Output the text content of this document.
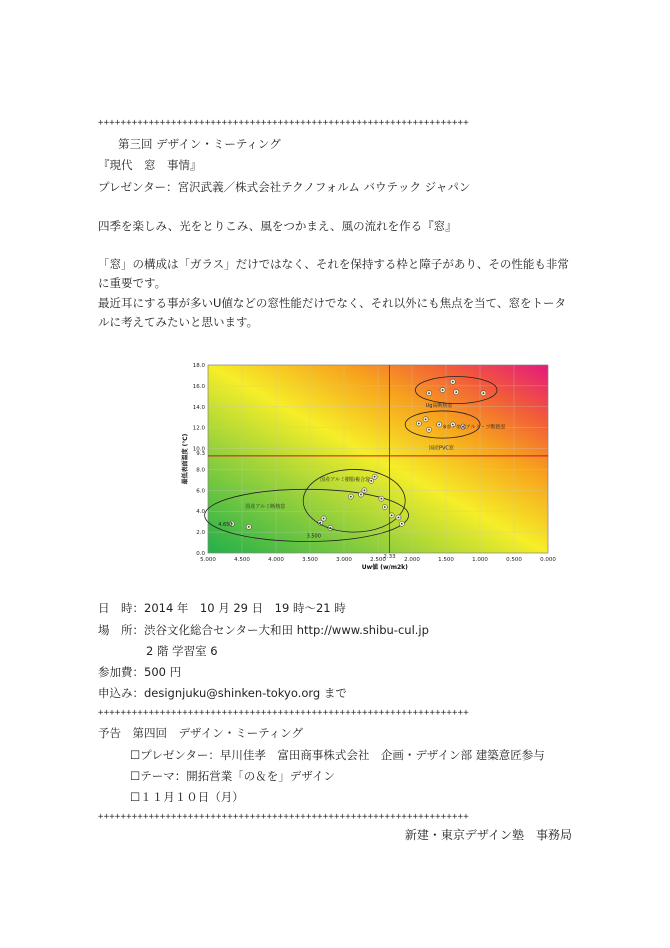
++++++++++++++++++++++++++++++++++++++++++++++++++++++++++++++++++
第三回 デザイン・ミーティング
『現代　窓　事情』
プレゼンター：宮沢武義／株式会社テクノフォルム バウテック ジャパン
四季を楽しみ、光をとりこみ、風をつかまえ、風の流れを作る『窓』
「窓」の構成は「ガラス」だけではなく、それを保持する枠と障子があり、その性能も非常に重要です。
最近耳にする事が多いU値などの窓性能だけでなく、それ以外にも焦点を当て、窓をトータルに考えてみたいと思います。
5.000	4.500	4.000	3.500	3.000	2.500	2.000	1.500	1.000	0.500	0.000
0.0
2.0
4.0
6.0
8.0
10.0
12.0
14.0
16.0
18.0
2.33
9.3
Uw値 (w/m2k)
最低表面温度 (℃)
4.650
3.500
国産アルミ断熱窓
国産アルミ樹脂複合窓
Ug高断熱窓
※①・②はアルミ・ゴ断熱窓
国産PVC窓
日　時：2014 年　10 月 29 日　19 時～21 時
場　所：渋谷文化総合センター大和田 http://www.shibu-cul.jp
2 階 学習室 6
参加費：500 円
申込み：designjuku@shinken-tokyo.org まで
++++++++++++++++++++++++++++++++++++++++++++++++++++++++++++++++++
予告　第四回　デザイン・ミーティング
☐プレゼンター：早川佳孝　富田商事株式会社　企画・デザイン部 建築意匠参与
☐テーマ：開拓営業「の＆を」デザイン
☐１１月１０日（月）
++++++++++++++++++++++++++++++++++++++++++++++++++++++++++++++++++
新建・東京デザイン塾　事務局
